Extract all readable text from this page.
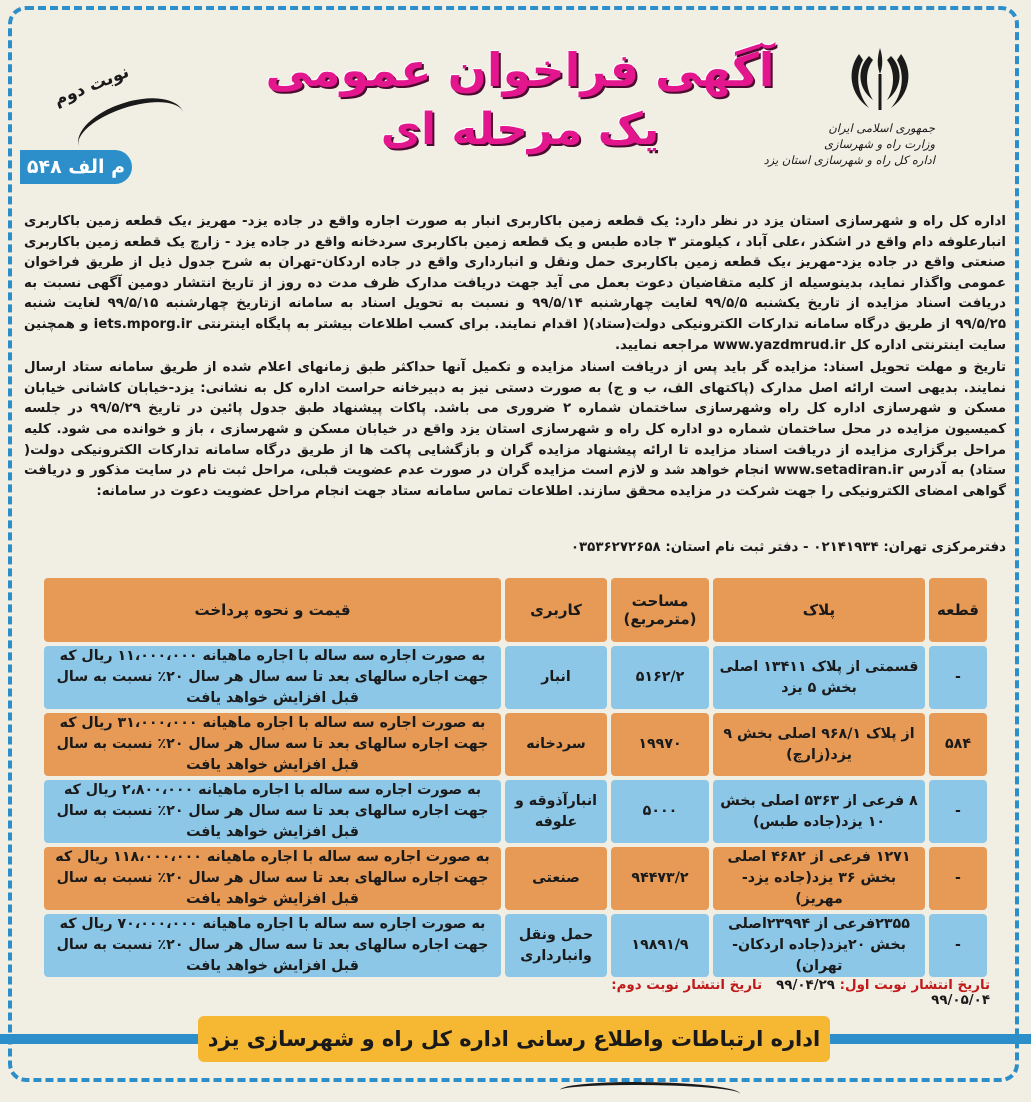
جمهوری اسلامی ایران
وزارت راه و شهرسازی
اداره کل راه و شهرسازی استان یزد
آگهی فراخوان عمومی
یک مرحله ای
نوبت دوم
م الف ۵۴۸

اداره کل راه و شهرسازی استان یزد در نظر دارد: یک قطعه زمین باکاربری انبار به صورت اجاره واقع در جاده یزد- مهریز ،یک قطعه زمین باکاربری انبارعلوفه دام واقع در اشکذر ،علی آباد ، کیلومتر ۳ جاده طبس و یک قطعه زمین باکاربری سردخانه واقع در جاده یزد - زارچ یک قطعه زمین باکاربری صنعتی واقع در جاده یزد-مهریز ،یک قطعه زمین باکاربری حمل ونقل و انبارداری واقع در جاده اردکان-تهران به شرح جدول ذیل از طریق فراخوان عمومی واگذار نماید، بدینوسیله از کلیه متقاضیان دعوت بعمل می آید جهت دریافت مدارک ظرف مدت ده روز از تاریخ انتشار دومین آگهی نسبت به دریافت اسناد مزایده از تاریخ یکشنبه ۹۹/۵/۵ لغایت چهارشنبه ۹۹/۵/۱۴ و نسبت به تحویل اسناد به سامانه ازتاریخ چهارشنبه ۹۹/۵/۱۵ لغایت شنبه ۹۹/۵/۲۵ از طریق درگاه سامانه تدارکات الکترونیکی دولت(ستاد)( اقدام نمایند. برای کسب اطلاعات بیشتر به پایگاه اینترنتی iets.mporg.ir و همچنین سایت اینترنتی اداره کل www.yazdmrud.ir مراجعه نمایید.

تاریخ و مهلت تحویل اسناد: مزایده گر باید پس از دریافت اسناد مزایده و تکمیل آنها حداکثر طبق زمانهای اعلام شده از طریق سامانه ستاد ارسال نمایند. بدیهی است ارائه اصل مدارک (پاکتهای الف، ب و ج) به صورت دستی نیز به دبیرخانه حراست اداره کل به نشانی: یزد-خیابان کاشانی خیابان مسکن و شهرسازی اداره کل راه وشهرسازی ساختمان شماره ۲ ضروری می باشد. پاکات پیشنهاد طبق جدول پائین در تاریخ ۹۹/۵/۲۹ در جلسه کمیسیون مزایده در محل ساختمان شماره دو اداره کل راه و شهرسازی استان یزد واقع در خیابان مسکن و شهرسازی ، باز و خوانده می شود. کلیه مراحل برگزاری مزایده از دریافت اسناد مزایده تا ارائه پیشنهاد مزایده گران و بازگشایی پاکت ها از طریق درگاه سامانه تدارکات الکترونیکی دولت( ستاد) به آدرس www.setadiran.ir انجام خواهد شد و لازم است مزایده گران در صورت عدم عضویت قبلی، مراحل ثبت نام در سایت مذکور و دریافت گواهی امضای الکترونیکی را جهت شرکت در مزایده محقق سازند. اطلاعات تماس سامانه ستاد جهت انجام مراحل عضویت دعوت در سامانه:

دفترمرکزی تهران: ۰۲۱۴۱۹۳۴ - دفتر ثبت نام استان: ۰۳۵۳۶۲۷۲۶۵۸
قطعه	پلاک	مساحت (مترمربع)	کاربری	قیمت و نحوه پرداخت
-	قسمتی از پلاک ۱۳۴۱۱ اصلی بخش ۵ یزد	۵۱۶۲/۲	انبار	به صورت اجاره سه ساله با اجاره ماهیانه ۱۱،۰۰۰،۰۰۰ ریال که جهت اجاره سالهای بعد تا سه سال هر سال ۲۰٪ نسبت به سال قبل افزایش خواهد یافت
۵۸۴	از پلاک ۹۶۸/۱ اصلی بخش ۹ یزد(زارچ)	۱۹۹۷۰	سردخانه	به صورت اجاره سه ساله با اجاره ماهیانه ۳۱،۰۰۰،۰۰۰ ریال که جهت اجاره سالهای بعد تا سه سال هر سال ۲۰٪ نسبت به سال قبل افزایش خواهد یافت
-	۸ فرعی از ۵۳۶۳ اصلی بخش ۱۰ یزد(جاده طبس)	۵۰۰۰	انبارآذوقه و علوفه	به صورت اجاره سه ساله با اجاره ماهیانه ۲،۸۰۰،۰۰۰ ریال که جهت اجاره سالهای بعد تا سه سال هر سال ۲۰٪ نسبت به سال قبل افزایش خواهد یافت
-	۱۲۷۱ فرعی از ۴۶۸۲ اصلی بخش ۳۶ یزد(جاده یزد-مهریز)	۹۴۴۷۳/۲	صنعتی	به صورت اجاره سه ساله با اجاره ماهیانه ۱۱۸،۰۰۰،۰۰۰ ریال که جهت اجاره سالهای بعد تا سه سال هر سال ۲۰٪ نسبت به سال قبل افزایش خواهد یافت
-	۲۳۵۵فرعی از ۲۳۹۹۴اصلی بخش ۲۰یزد(جاده اردکان-تهران)	۱۹۸۹۱/۹	حمل ونقل وانبارداری	به صورت اجاره سه ساله با اجاره ماهیانه ۷۰،۰۰۰،۰۰۰ ریال که جهت اجاره سالهای بعد تا سه سال هر سال ۲۰٪ نسبت به سال قبل افزایش خواهد یافت
تاریخ انتشار نوبت اول: ۹۹/۰۴/۲۹   تاریخ انتشار نوبت دوم: ۹۹/۰۵/۰۴
اداره ارتباطات واطلاع رسانی اداره کل راه و شهرسازی یزد
